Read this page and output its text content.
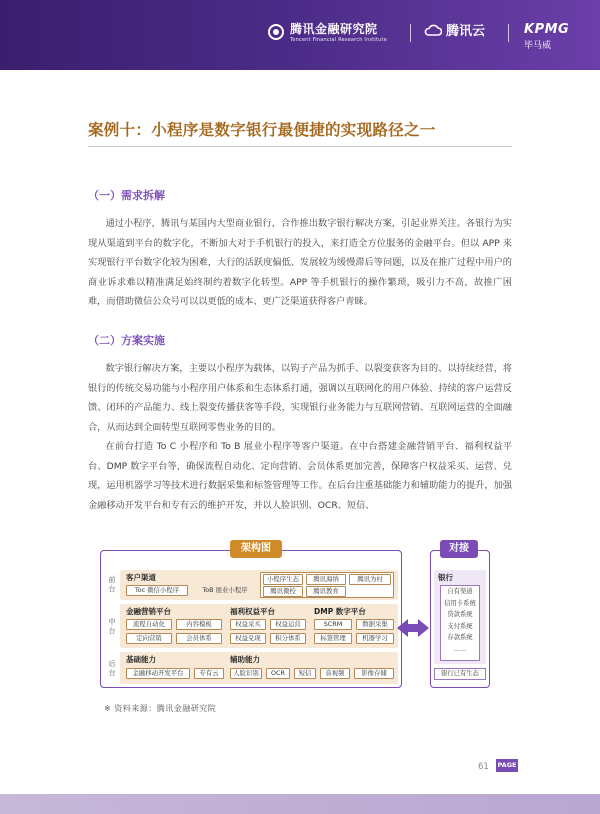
腾讯金融研究院
Tencent Financial Research Institute
腾讯云	KPMG
毕马威
案例十：小程序是数字银行最便捷的实现路径之一
（一）需求拆解
通过小程序，腾讯与某国内大型商业银行，合作推出数字银行解决方案，引起业界关注。各银行为实现从渠道到平台的数字化，不断加大对于手机银行的投入，来打造全方位服务的金融平台。但以 APP 来实现银行平台数字化较为困难，大行的活跃度偏低、发展较为缓慢滞后等问题，以及在推广过程中用户的商业诉求难以精准满足始终制约着数字化转型。APP 等手机银行的操作繁琐，吸引力不高，故推广困难，而借助微信公众号可以以更低的成本、更广泛渠道获得客户青睐。
（二）方案实施
数字银行解决方案，主要以小程序为载体，以钩子产品为抓手、以裂变获客为目的、以持续经营，将银行的传统交易功能与小程序用户体系和生态体系打通，强调以互联网化的用户体验、持续的客户运营反馈、闭环的产品能力、线上裂变传播获客等手段，实现银行业务能力与互联网营销、互联网运营的全面融合，从而达到全面转型互联网零售业务的目的。
在前台打造 To C 小程序和 To B 展业小程序等客户渠道。在中台搭建金融营销平台、福利权益平台、DMP 数字平台等，确保流程自动化、定向营销、会员体系更加完善，保障客户权益采买、运营、兑现，运用机器学习等技术进行数据采集和标签管理等工作。在后台注重基础能力和辅助能力的提升，加强金融移动开发平台和专有云的维护开发，并以人脸识别、OCR、短信、
架构图
前台
中台
后台
客户渠道
Toc 微信小程序	ToB 展业小程序
小程序生态	腾讯海纳	腾讯为村
腾讯微校	腾讯教育
金融营销平台
流程自动化	内容模板
定向营销	会员体系
福利权益平台
权益采买	权益运营
权益兑现	积分体系
DMP 数字平台
SCRM	数据采集
标签管理	机器学习
基础能力
金融移动开发平台	专有云
辅助能力
人脸识别	OCR	短信	音视频	影像存储
对接
银行
自有渠道
信用卡系统
贷款系统
支付系统
存款系统
……
银行已有生态
※ 资料来源：腾讯金融研究院
61 PAGE
